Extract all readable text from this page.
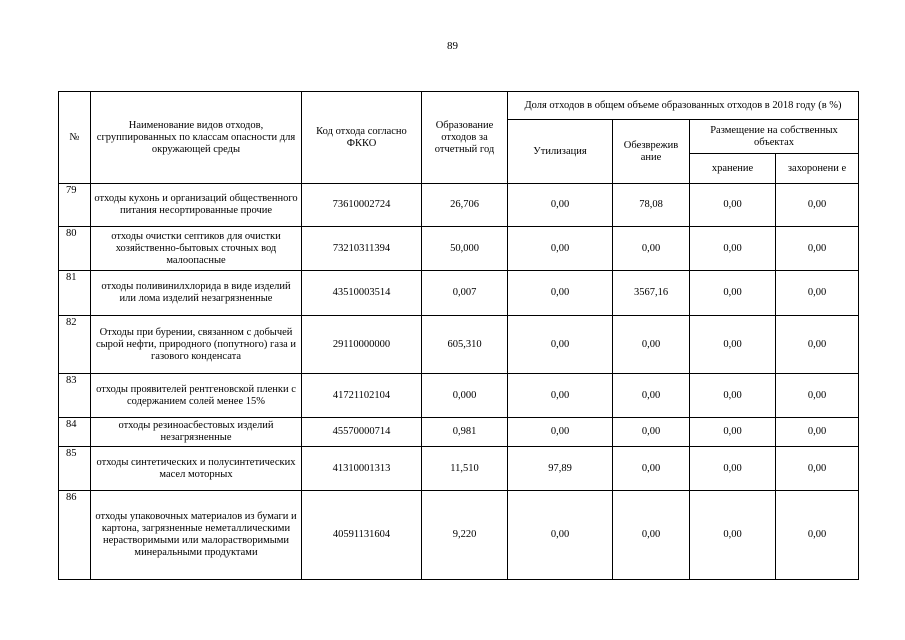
89
№	Наименование видов отходов, сгруппированных по классам опасности для окружающей среды	Код отхода согласно ФККО	Образование отходов за отчетный год	Доля отходов в общем объеме образованных отходов в 2018 году (в %)			
				Утилизация	Обезврежив ание	Размещение на собственных объектах	
						хранение	захоронени е
79	отходы кухонь и организаций общественного питания несортированные прочие	73610002724	26,706	0,00	78,08	0,00	0,00
80	отходы очистки септиков для очистки хозяйственно-бытовых сточных вод малоопасные	73210311394	50,000	0,00	0,00	0,00	0,00
81	отходы поливинилхлорида в виде изделий или лома изделий незагрязненные	43510003514	0,007	0,00	3567,16	0,00	0,00
82	Отходы при бурении, связанном с добычей сырой нефти, природного (попутного) газа и газового конденсата	29110000000	605,310	0,00	0,00	0,00	0,00
83	отходы проявителей рентгеновской пленки с содержанием солей менее 15%	41721102104	0,000	0,00	0,00	0,00	0,00
84	отходы резиноасбестовых изделий незагрязненные	45570000714	0,981	0,00	0,00	0,00	0,00
85	отходы синтетических и полусинтетических масел моторных	41310001313	11,510	97,89	0,00	0,00	0,00
86	отходы упаковочных материалов из бумаги и картона, загрязненные неметаллическими нерастворимыми или малорастворимыми минеральными продуктами	40591131604	9,220	0,00	0,00	0,00	0,00
